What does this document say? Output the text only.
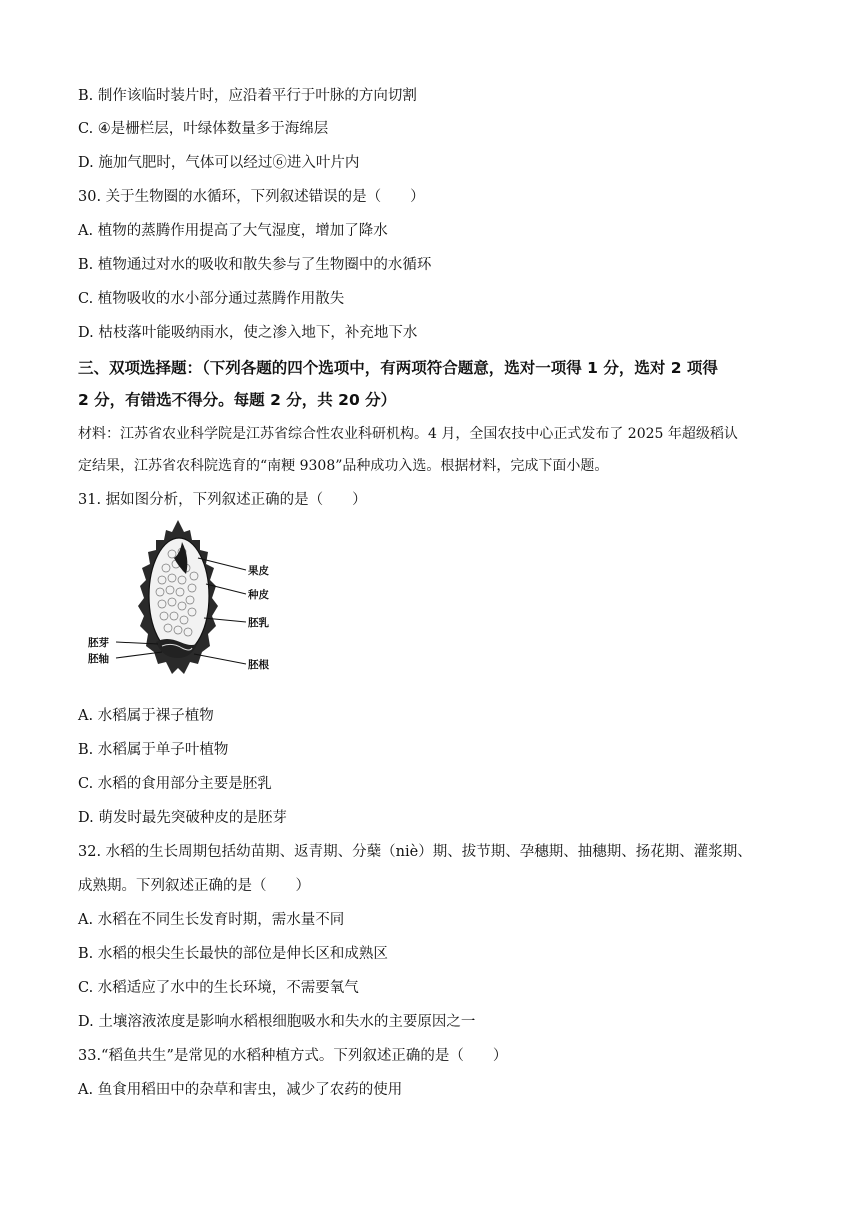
B. 制作该临时装片时，应沿着平行于叶脉的方向切割
C. ④是栅栏层，叶绿体数量多于海绵层
D. 施加气肥时，气体可以经过⑥进入叶片内
30. 关于生物圈的水循环，下列叙述错误的是（　　）
A. 植物的蒸腾作用提高了大气湿度，增加了降水
B. 植物通过对水的吸收和散失参与了生物圈中的水循环
C. 植物吸收的水小部分通过蒸腾作用散失
D. 枯枝落叶能吸纳雨水，使之渗入地下，补充地下水
三、双项选择题：（下列各题的四个选项中，有两项符合题意，选对一项得 1 分，选对 2 项得
2 分，有错选不得分。每题 2 分，共 20 分）
材料：江苏省农业科学院是江苏省综合性农业科研机构。4 月，全国农技中心正式发布了 2025 年超级稻认
定结果，江苏省农科院选育的“南粳 9308”品种成功入选。根据材料，完成下面小题。
31. 据如图分析，下列叙述正确的是（　　）
果皮
种皮
胚乳
胚根
胚芽
胚轴
A. 水稻属于裸子植物
B. 水稻属于单子叶植物
C. 水稻的食用部分主要是胚乳
D. 萌发时最先突破种皮的是胚芽
32. 水稻的生长周期包括幼苗期、返青期、分蘖（niè）期、拔节期、孕穗期、抽穗期、扬花期、灌浆期、
成熟期。下列叙述正确的是（　　）
A. 水稻在不同生长发育时期，需水量不同
B. 水稻的根尖生长最快的部位是伸长区和成熟区
C. 水稻适应了水中的生长环境，不需要氧气
D. 土壤溶液浓度是影响水稻根细胞吸水和失水的主要原因之一
33.“稻鱼共生”是常见的水稻种植方式。下列叙述正确的是（　　）
A. 鱼食用稻田中的杂草和害虫，减少了农药的使用
